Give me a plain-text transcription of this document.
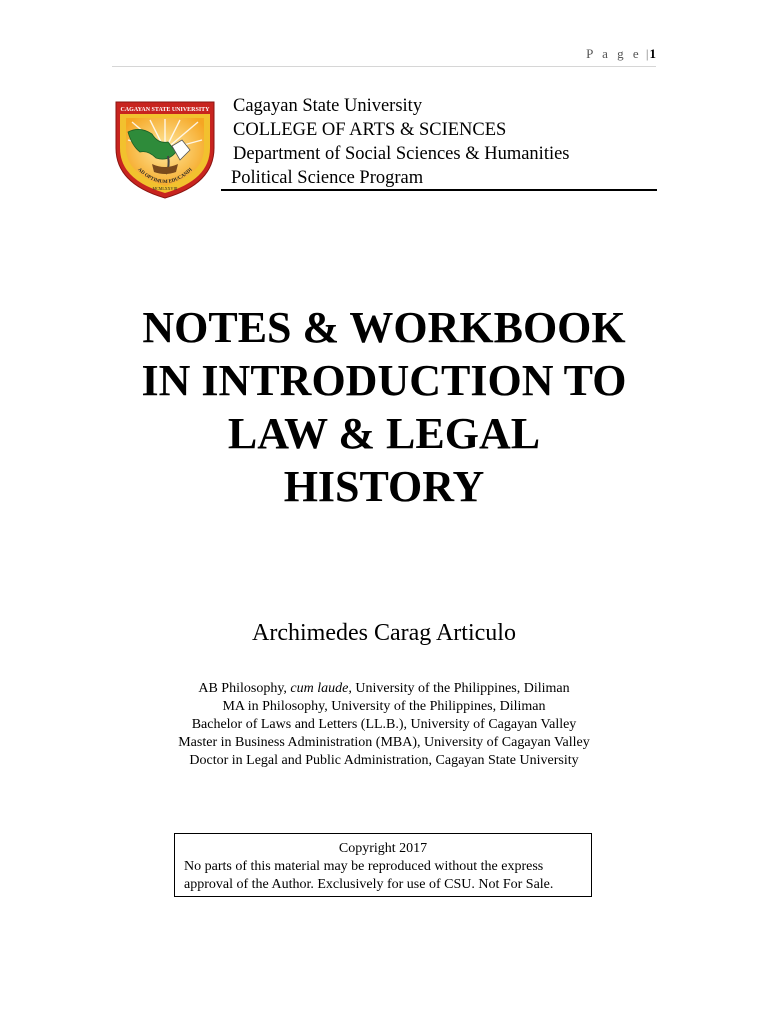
P a g e |1
CAGAYAN STATE UNIVERSITY
AD OPTIMUM EDUCANDI
MCMLXXVIII
Cagayan State University
COLLEGE OF ARTS & SCIENCES
Department of Social Sciences & Humanities
Political Science Program
NOTES & WORKBOOK
IN INTRODUCTION TO
LAW & LEGAL
HISTORY
Archimedes Carag Articulo
AB Philosophy, cum laude, University of the Philippines, Diliman
MA in Philosophy, University of the Philippines, Diliman
Bachelor of Laws and Letters (LL.B.), University of Cagayan Valley
Master in Business Administration (MBA), University of Cagayan Valley
Doctor in Legal and Public Administration, Cagayan State University
Copyright 2017
No parts of this material may be reproduced without the express
approval of the Author. Exclusively for use of CSU. Not For Sale.
